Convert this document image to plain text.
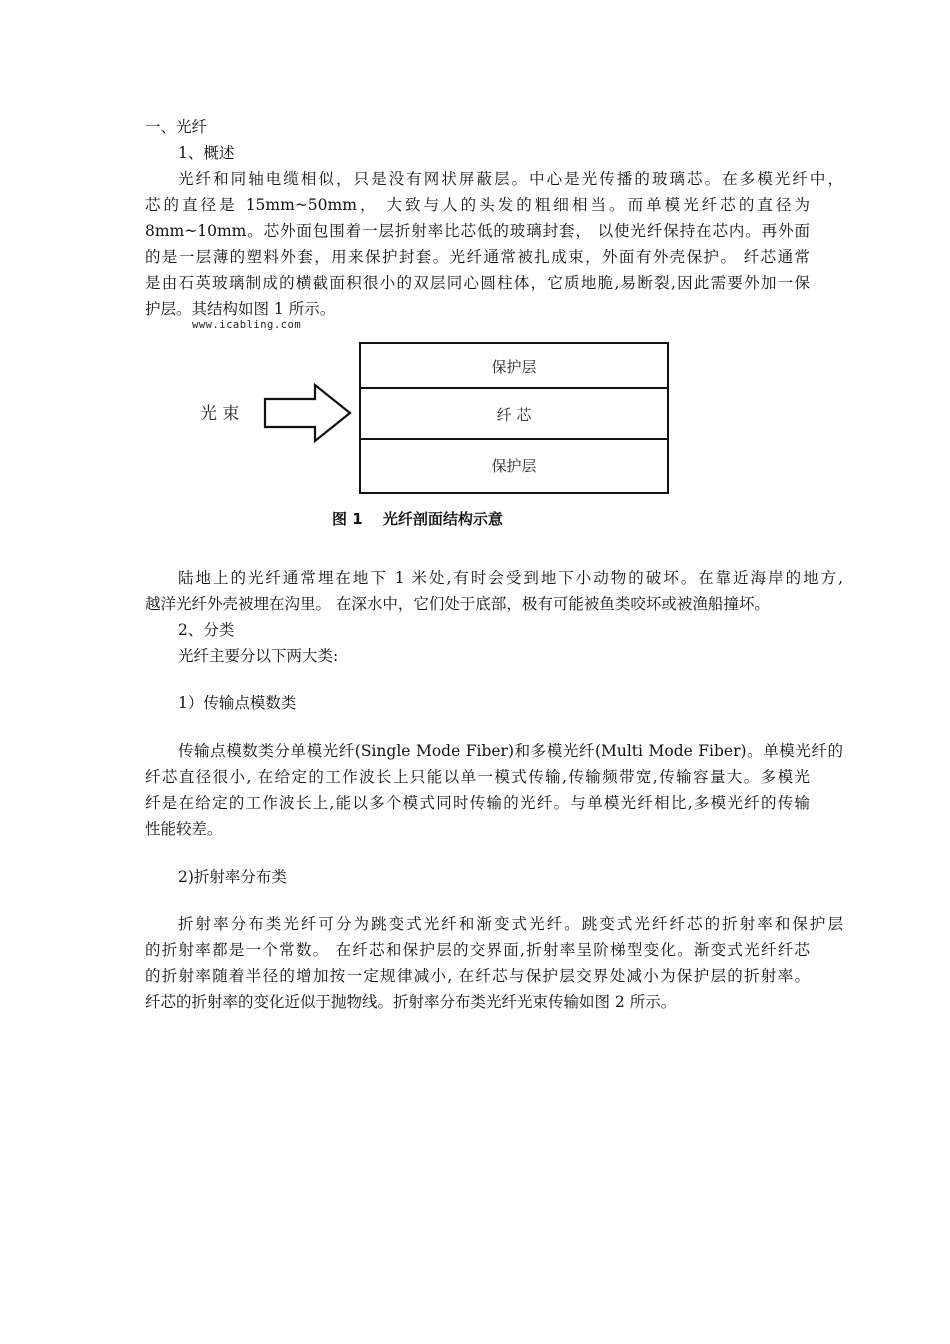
一、光纤

1、概述

光纤和同轴电缆相似，只是没有网状屏蔽层。中心是光传播的玻璃芯。在多模光纤中，

芯的直径是 15mm~50mm， 大致与人的头发的粗细相当。而单模光纤芯的直径为

8mm~10mm。芯外面包围着一层折射率比芯低的玻璃封套， 以使光纤保持在芯内。再外面

的是一层薄的塑料外套，用来保护封套。光纤通常被扎成束，外面有外壳保护。 纤芯通常

是由石英玻璃制成的横截面积很小的双层同心圆柱体，它质地脆,易断裂,因此需要外加一保

护层。其结构如图 1 所示。

www.icabling.com
光 束
保护层
纤 芯
保护层
图 1　 光纤剖面结构示意

陆地上的光纤通常埋在地下 1 米处,有时会受到地下小动物的破坏。在靠近海岸的地方,

越洋光纤外壳被埋在沟里。 在深水中，它们处于底部，极有可能被鱼类咬坏或被渔船撞坏。

2、分类

光纤主要分以下两大类:

1）传输点模数类

传输点模数类分单模光纤(Single Mode Fiber)和多模光纤(Multi Mode Fiber)。单模光纤的

纤芯直径很小, 在给定的工作波长上只能以单一模式传输,传输频带宽,传输容量大。多模光

纤是在给定的工作波长上,能以多个模式同时传输的光纤。与单模光纤相比,多模光纤的传输

性能较差。

2)折射率分布类

折射率分布类光纤可分为跳变式光纤和渐变式光纤。跳变式光纤纤芯的折射率和保护层

的折射率都是一个常数。 在纤芯和保护层的交界面,折射率呈阶梯型变化。渐变式光纤纤芯

的折射率随着半径的增加按一定规律减小, 在纤芯与保护层交界处减小为保护层的折射率。

纤芯的折射率的变化近似于抛物线。折射率分布类光纤光束传输如图 2 所示。
